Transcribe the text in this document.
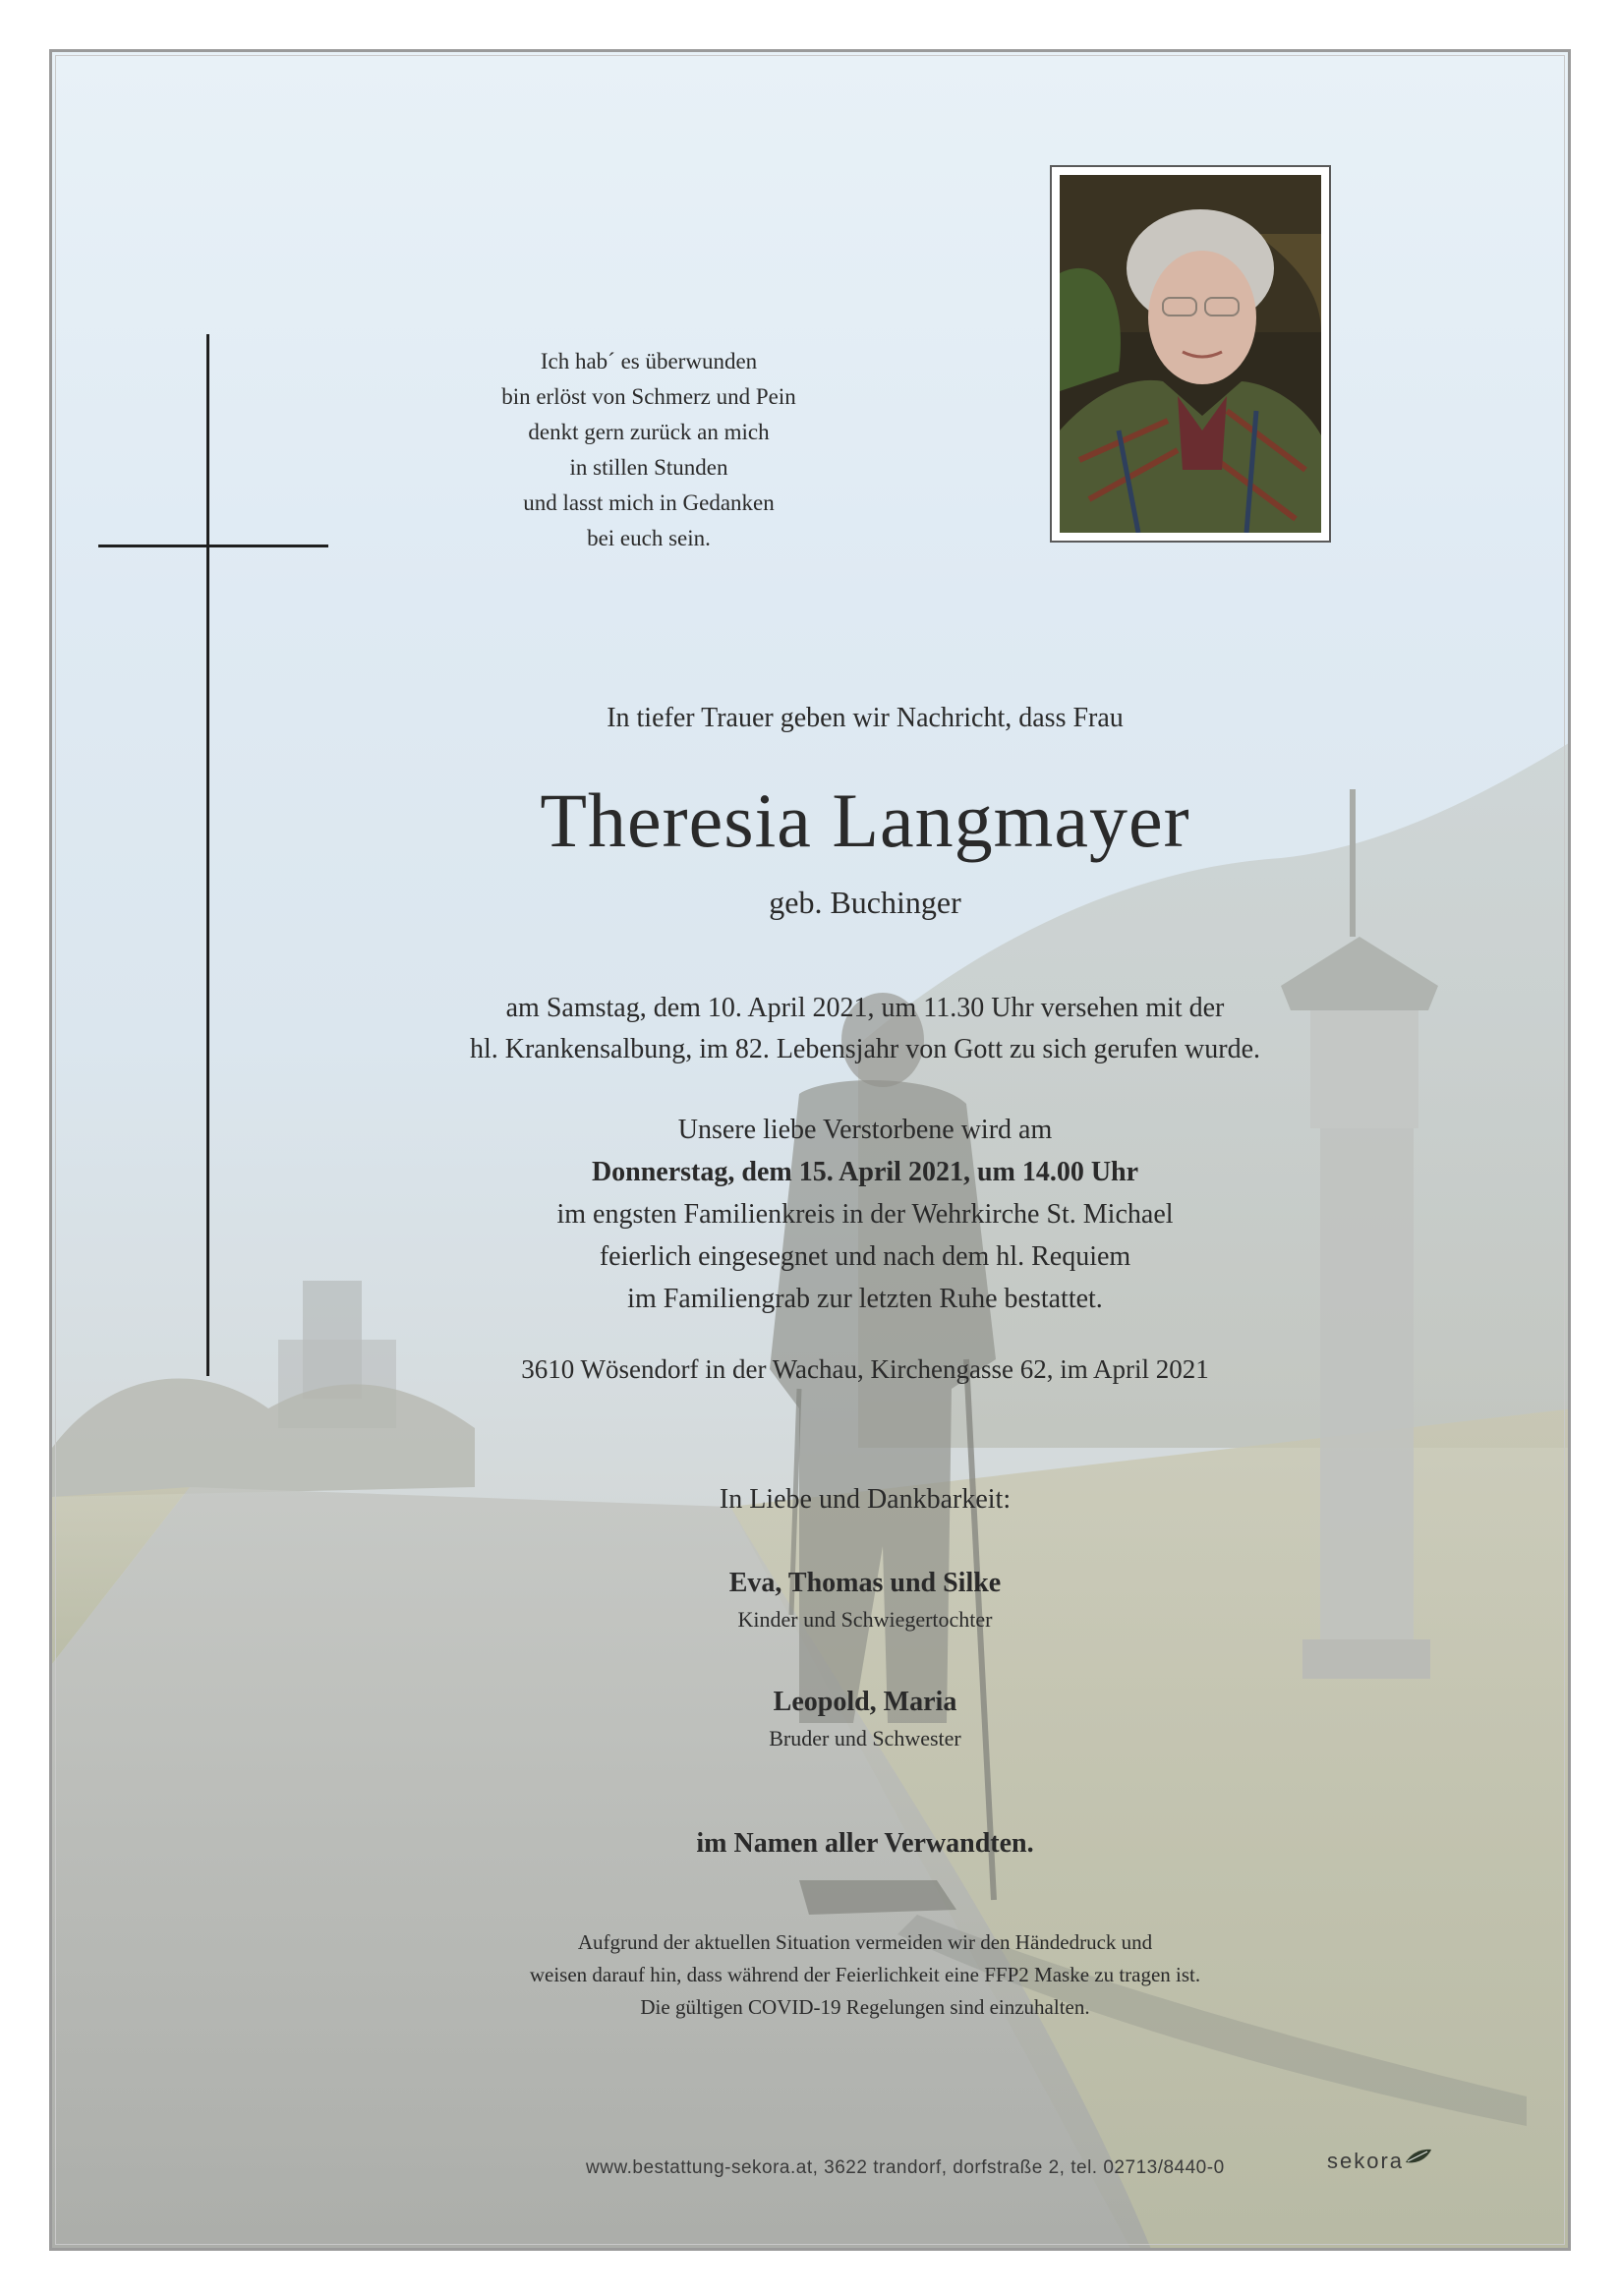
Ich hab´ es überwunden
bin erlöst von Schmerz und Pein
denkt gern zurück an mich
in stillen Stunden
und lasst mich in Gedanken
bei euch sein.
In tiefer Trauer geben wir Nachricht, dass Frau
Theresia Langmayer
geb. Buchinger
am Samstag, dem 10. April 2021, um 11.30 Uhr versehen mit der
hl. Krankensalbung, im 82. Lebensjahr von Gott zu sich gerufen wurde.
Unsere liebe Verstorbene wird am
Donnerstag, dem 15. April 2021, um 14.00 Uhr
im engsten Familienkreis in der Wehrkirche St. Michael
feierlich eingesegnet und nach dem hl. Requiem
im Familiengrab zur letzten Ruhe bestattet.
3610 Wösendorf in der Wachau, Kirchengasse 62, im April 2021
In Liebe und Dankbarkeit:
Eva, Thomas und Silke
Kinder und Schwiegertochter
Leopold, Maria
Bruder und Schwester
im Namen aller Verwandten.
Aufgrund der aktuellen Situation vermeiden wir den Händedruck und
weisen darauf hin, dass während der Feierlichkeit eine FFP2 Maske zu tragen ist.
Die gültigen COVID-19 Regelungen sind einzuhalten.
www.bestattung-sekora.at, 3622 trandorf, dorfstraße 2, tel. 02713/8440-0	sekora
